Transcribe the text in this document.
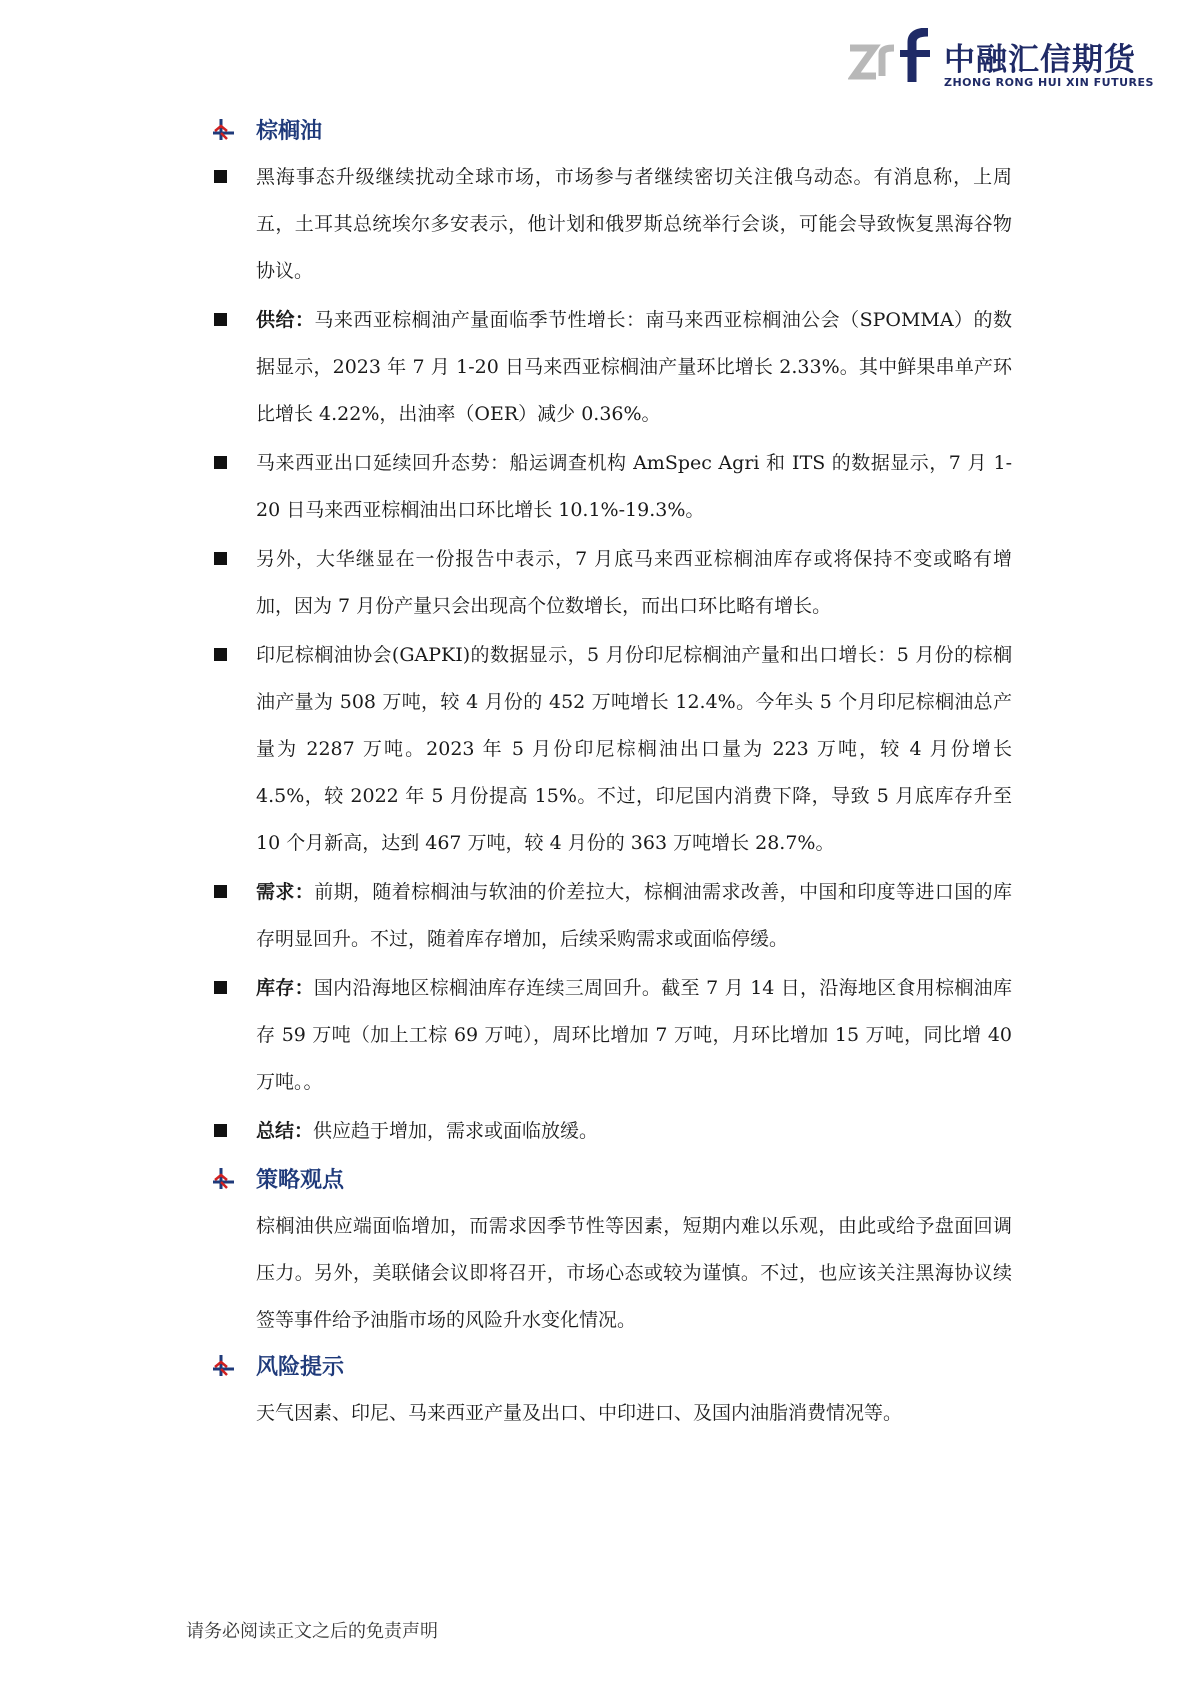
中融汇信期货
ZHONG RONG HUI XIN FUTURES
棕榈油
黑海事态升级继续扰动全球市场，市场参与者继续密切关注俄乌动态。有消息称，上周五，土耳其总统埃尔多安表示，他计划和俄罗斯总统举行会谈，可能会导致恢复黑海谷物协议。
供给：马来西亚棕榈油产量面临季节性增长：南马来西亚棕榈油公会（SPOMMA）的数据显示，2023 年 7 月 1-20 日马来西亚棕榈油产量环比增长 2.33%。其中鲜果串单产环比增长 4.22%，出油率（OER）减少 0.36%。
马来西亚出口延续回升态势：船运调查机构 AmSpec Agri 和 ITS 的数据显示，7 月 1-20 日马来西亚棕榈油出口环比增长 10.1%-19.3%。
另外，大华继显在一份报告中表示，7 月底马来西亚棕榈油库存或将保持不变或略有增加，因为 7 月份产量只会出现高个位数增长，而出口环比略有增长。
印尼棕榈油协会(GAPKI)的数据显示，5 月份印尼棕榈油产量和出口增长：5 月份的棕榈油产量为 508 万吨，较 4 月份的 452 万吨增长 12.4%。今年头 5 个月印尼棕榈油总产量为 2287 万吨。2023 年 5 月份印尼棕榈油出口量为 223 万吨，较 4 月份增长 4.5%，较 2022 年 5 月份提高 15%。不过，印尼国内消费下降，导致 5 月底库存升至 10 个月新高，达到 467 万吨，较 4 月份的 363 万吨增长 28.7%。
需求：前期，随着棕榈油与软油的价差拉大，棕榈油需求改善，中国和印度等进口国的库存明显回升。不过，随着库存增加，后续采购需求或面临停缓。
库存：国内沿海地区棕榈油库存连续三周回升。截至 7 月 14 日，沿海地区食用棕榈油库存 59 万吨（加上工棕 69 万吨），周环比增加 7 万吨，月环比增加 15 万吨，同比增 40 万吨。。
总结：供应趋于增加，需求或面临放缓。
策略观点
棕榈油供应端面临增加，而需求因季节性等因素，短期内难以乐观，由此或给予盘面回调压力。另外，美联储会议即将召开，市场心态或较为谨慎。不过，也应该关注黑海协议续签等事件给予油脂市场的风险升水变化情况。
风险提示
天气因素、印尼、马来西亚产量及出口、中印进口、及国内油脂消费情况等。
请务必阅读正文之后的免责声明
